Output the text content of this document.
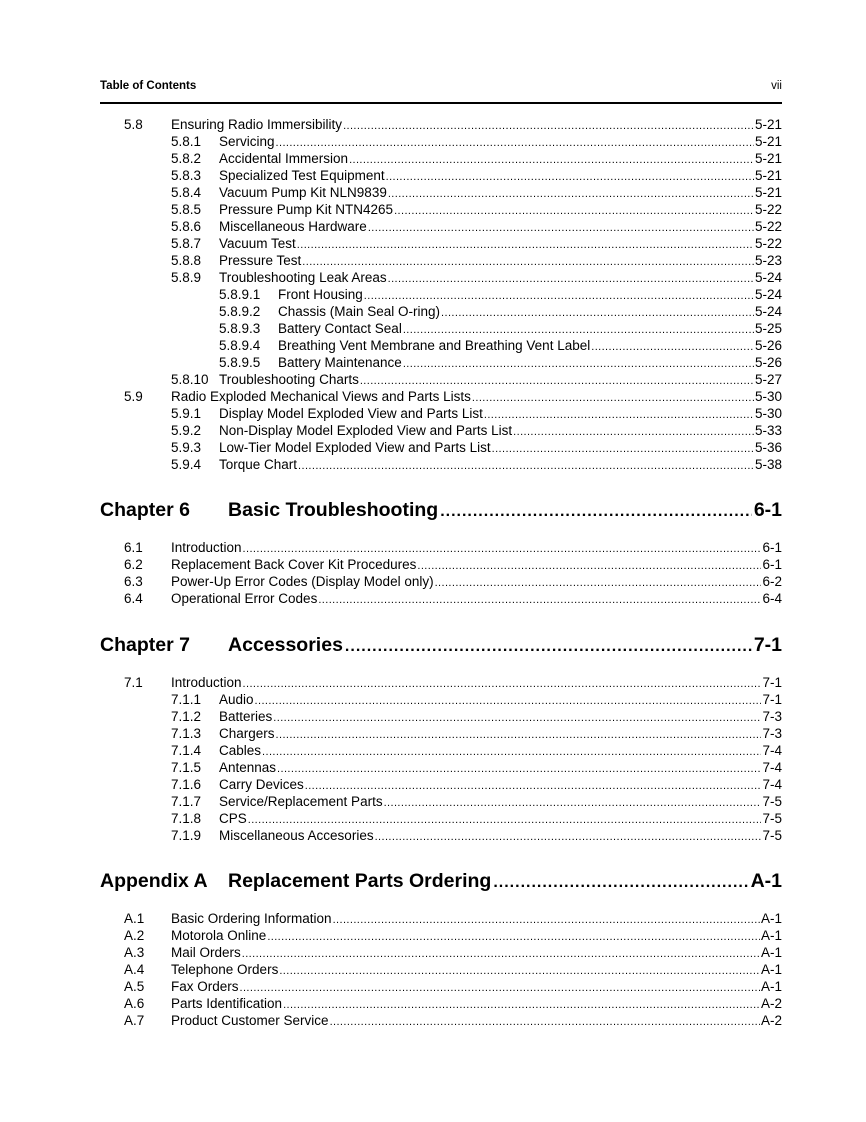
Table of Contents	vii
5.8 Ensuring Radio Immersibility .....	5-21
5.8.1 Servicing .....	5-21
5.8.2 Accidental Immersion .....	5-21
5.8.3 Specialized Test Equipment .....	5-21
5.8.4 Vacuum Pump Kit NLN9839 .....	5-21
5.8.5 Pressure Pump Kit NTN4265 .....	5-22
5.8.6 Miscellaneous Hardware .....	5-22
5.8.7 Vacuum Test .....	5-22
5.8.8 Pressure Test .....	5-23
5.8.9 Troubleshooting Leak Areas .....	5-24
5.8.9.1 Front Housing .....	5-24
5.8.9.2 Chassis (Main Seal O-ring) .....	5-24
5.8.9.3 Battery Contact Seal .....	5-25
5.8.9.4 Breathing Vent Membrane and Breathing Vent Label .....	5-26
5.8.9.5 Battery Maintenance .....	5-26
5.8.10 Troubleshooting Charts .....	5-27
5.9 Radio Exploded Mechanical Views and Parts Lists .....	5-30
5.9.1 Display Model Exploded View and Parts List .....	5-30
5.9.2 Non-Display Model Exploded View and Parts List .....	5-33
5.9.3 Low-Tier Model Exploded View and Parts List .....	5-36
5.9.4 Torque Chart .....	5-38
Chapter 6	Basic Troubleshooting .....	6-1
6.1 Introduction .....	6-1
6.2 Replacement Back Cover Kit Procedures .....	6-1
6.3 Power-Up Error Codes (Display Model only) .....	6-2
6.4 Operational Error Codes .....	6-4
Chapter 7	Accessories .....	7-1
7.1 Introduction .....	7-1
7.1.1 Audio .....	7-1
7.1.2 Batteries .....	7-3
7.1.3 Chargers .....	7-3
7.1.4 Cables .....	7-4
7.1.5 Antennas .....	7-4
7.1.6 Carry Devices .....	7-4
7.1.7 Service/Replacement Parts .....	7-5
7.1.8 CPS .....	7-5
7.1.9 Miscellaneous Accesories .....	7-5
Appendix A	Replacement Parts Ordering .....	A-1
A.1 Basic Ordering Information .....	A-1
A.2 Motorola Online .....	A-1
A.3 Mail Orders .....	A-1
A.4 Telephone Orders .....	A-1
A.5 Fax Orders .....	A-1
A.6 Parts Identification .....	A-2
A.7 Product Customer Service .....	A-2
